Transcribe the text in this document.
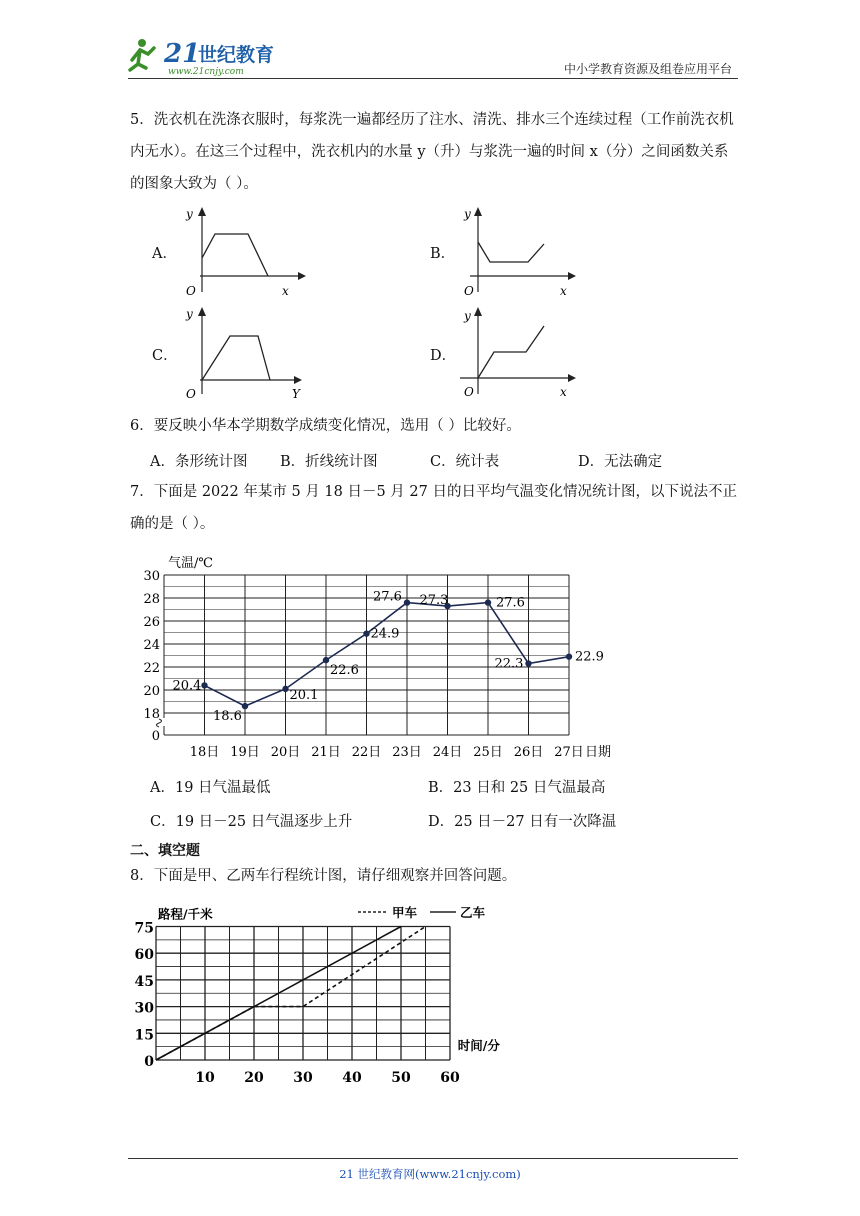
21
世纪教育
www.21cnjy.com	中小学教育资源及组卷应用平台
5．洗衣机在洗涤衣服时，每浆洗一遍都经历了注水、清洗、排水三个连续过程（工作前洗衣机内无水）。在这三个过程中，洗衣机内的水量 y（升）与浆洗一遍的时间 x（分）之间函数关系的图象大致为（ ）。
A．
y
x
O
B．
y
x
O
C．
y
Y
O
D．
y
x
O
6．要反映小华本学期数学成绩变化情况，选用（ ）比较好。
A．条形统计图 B．折线统计图	C．统计表	D．无法确定
7．下面是 2022 年某市 5 月 18 日－5 月 27 日的日平均气温变化情况统计图，以下说法不正确的是（ ）。
0
18
20
22
24
26
28
30
气温/℃
18日 19日 20日 21日 22日 23日 24日 25日 26日 27日 日期
20.4
18.6
20.1
22.6
24.9
27.6 27.3	27.6
22.3	22.9
A．19 日气温最低	B．23 日和 25 日气温最高
C．19 日－25 日气温逐步上升	D．25 日－27 日有一次降温
二、填空题
8．下面是甲、乙两车行程统计图，请仔细观察并回答问题。
0
15
30
45
60
75
10 20 30 40 50 60
路程/千米
时间/分
甲车	乙车
21 世纪教育网(www.21cnjy.com)
